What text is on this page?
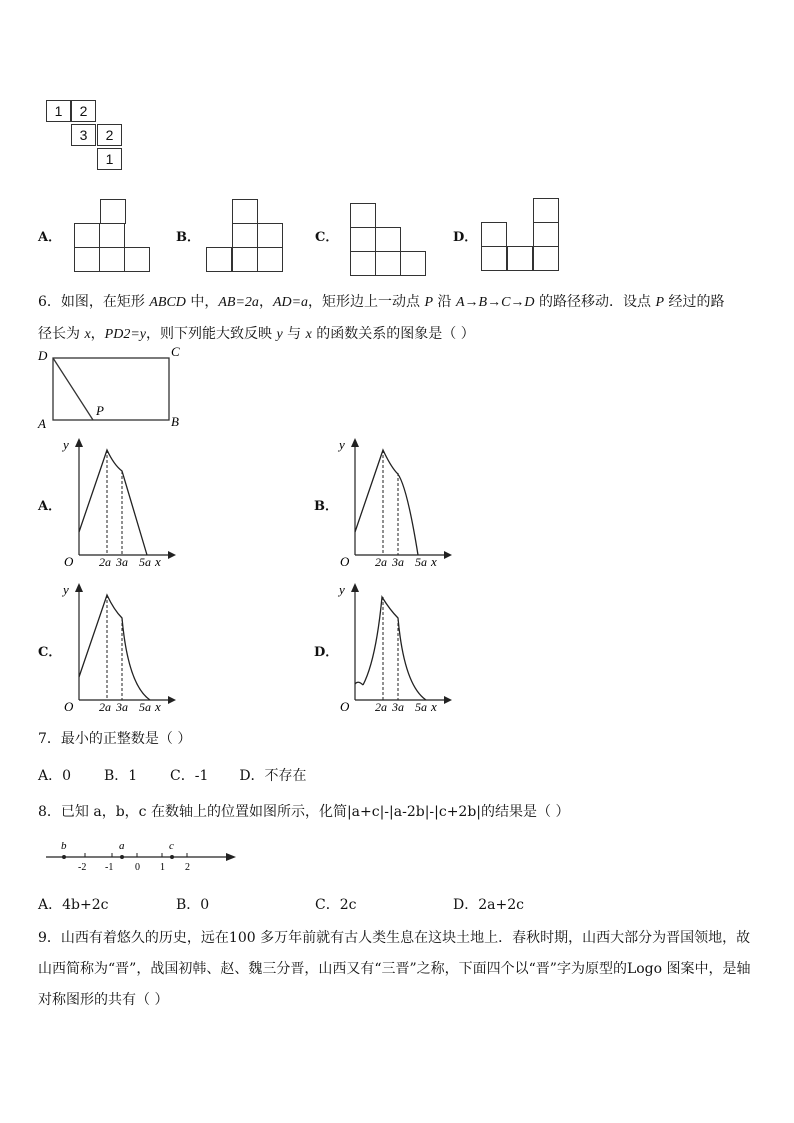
1	2
3	2
1
A．	B．	C．	D．
6．如图，在矩形 ABCD 中，AB=2a，AD=a，矩形边上一动点 P 沿 A→B→C→D 的路径移动．设点 P 经过的路
径长为 x，PD2=y，则下列能大致反映 y 与 x 的函数关系的图象是（ ）
D	C
A	B
P
A．
y
O 2a 3a 5a x
B．
y
O 2a 3a 5a x
C．
y
O 2a 3a 5a x
D．
y
O 2a 3a 5a x
7．最小的正整数是（ ）
A．0 B．1 C．-1 D．不存在
8．已知 a，b，c 在数轴上的位置如图所示，化简|a+c|-|a-2b|-|c+2b|的结果是（ ）
b	a	c
-2 -1 0 1 2
A．4b+2c	B．0	C．2c	D．2a+2c
9．山西有着悠久的历史，远在100 多万年前就有古人类生息在这块土地上．春秋时期，山西大部分为晋国领地，故
山西简称为“晋”，战国初韩、赵、魏三分晋，山西又有“三晋”之称，下面四个以“晋”字为原型的Logo 图案中，是轴
对称图形的共有（ ）
